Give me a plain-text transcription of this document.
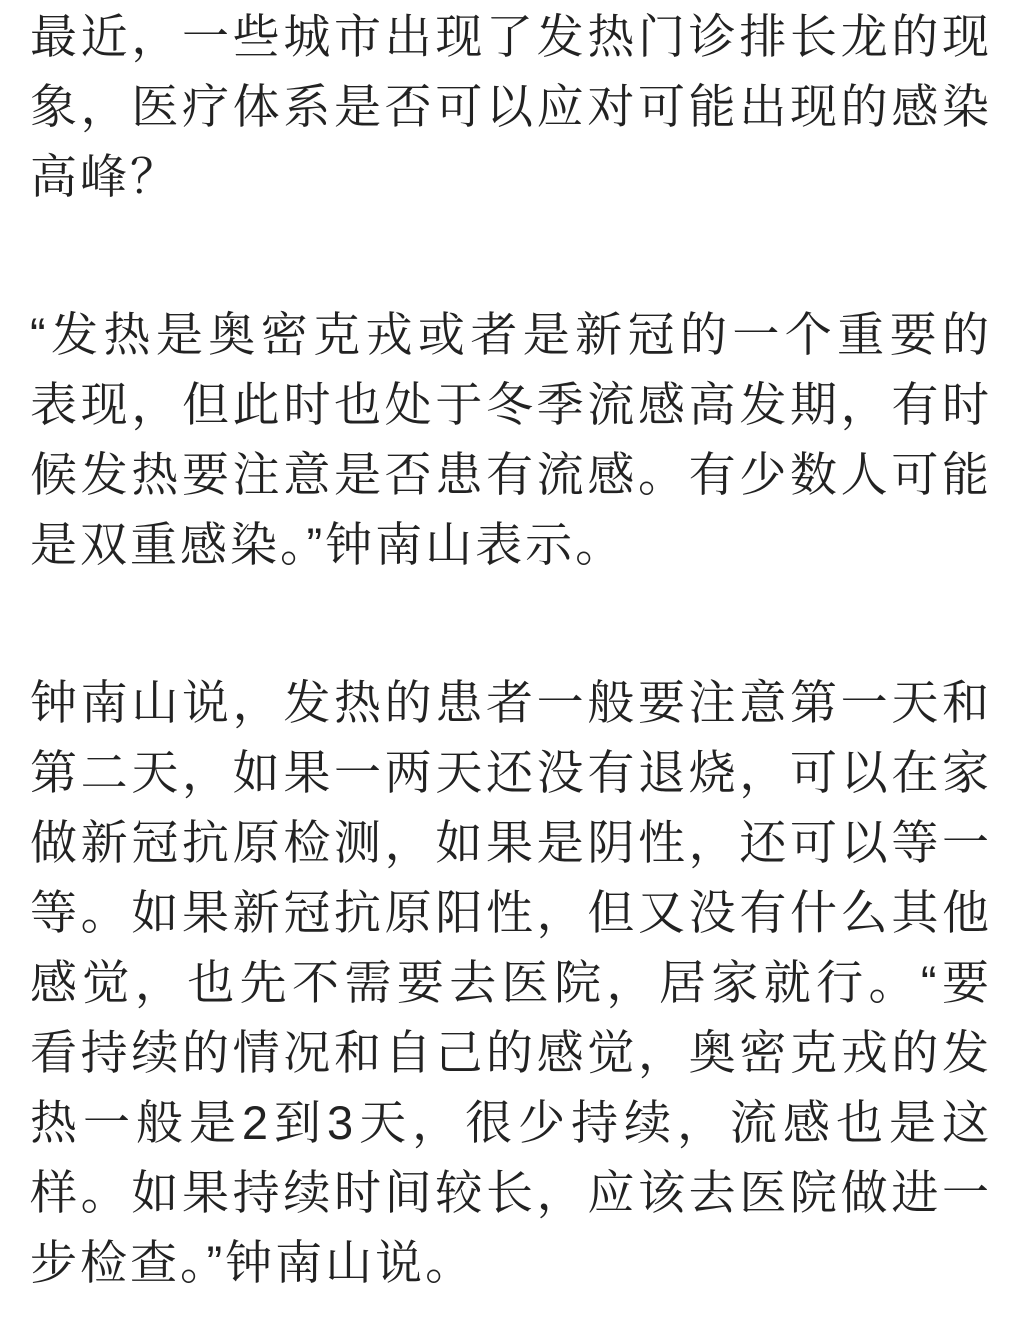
最近，一些城市出现了发热门诊排长龙的现象，医疗体系是否可以应对可能出现的感染高峰？

“发热是奥密克戎或者是新冠的一个重要的表现，但此时也处于冬季流感高发期，有时候发热要注意是否患有流感。有少数人可能是双重感染。”钟南山表示。

钟南山说，发热的患者一般要注意第一天和第二天，如果一两天还没有退烧，可以在家做新冠抗原检测，如果是阴性，还可以等一等。如果新冠抗原阳性，但又没有什么其他感觉，也先不需要去医院，居家就行。“要看持续的情况和自己的感觉，奥密克戎的发热一般是2到3天，很少持续，流感也是这样。如果持续时间较长，应该去医院做进一步检查。”钟南山说。
